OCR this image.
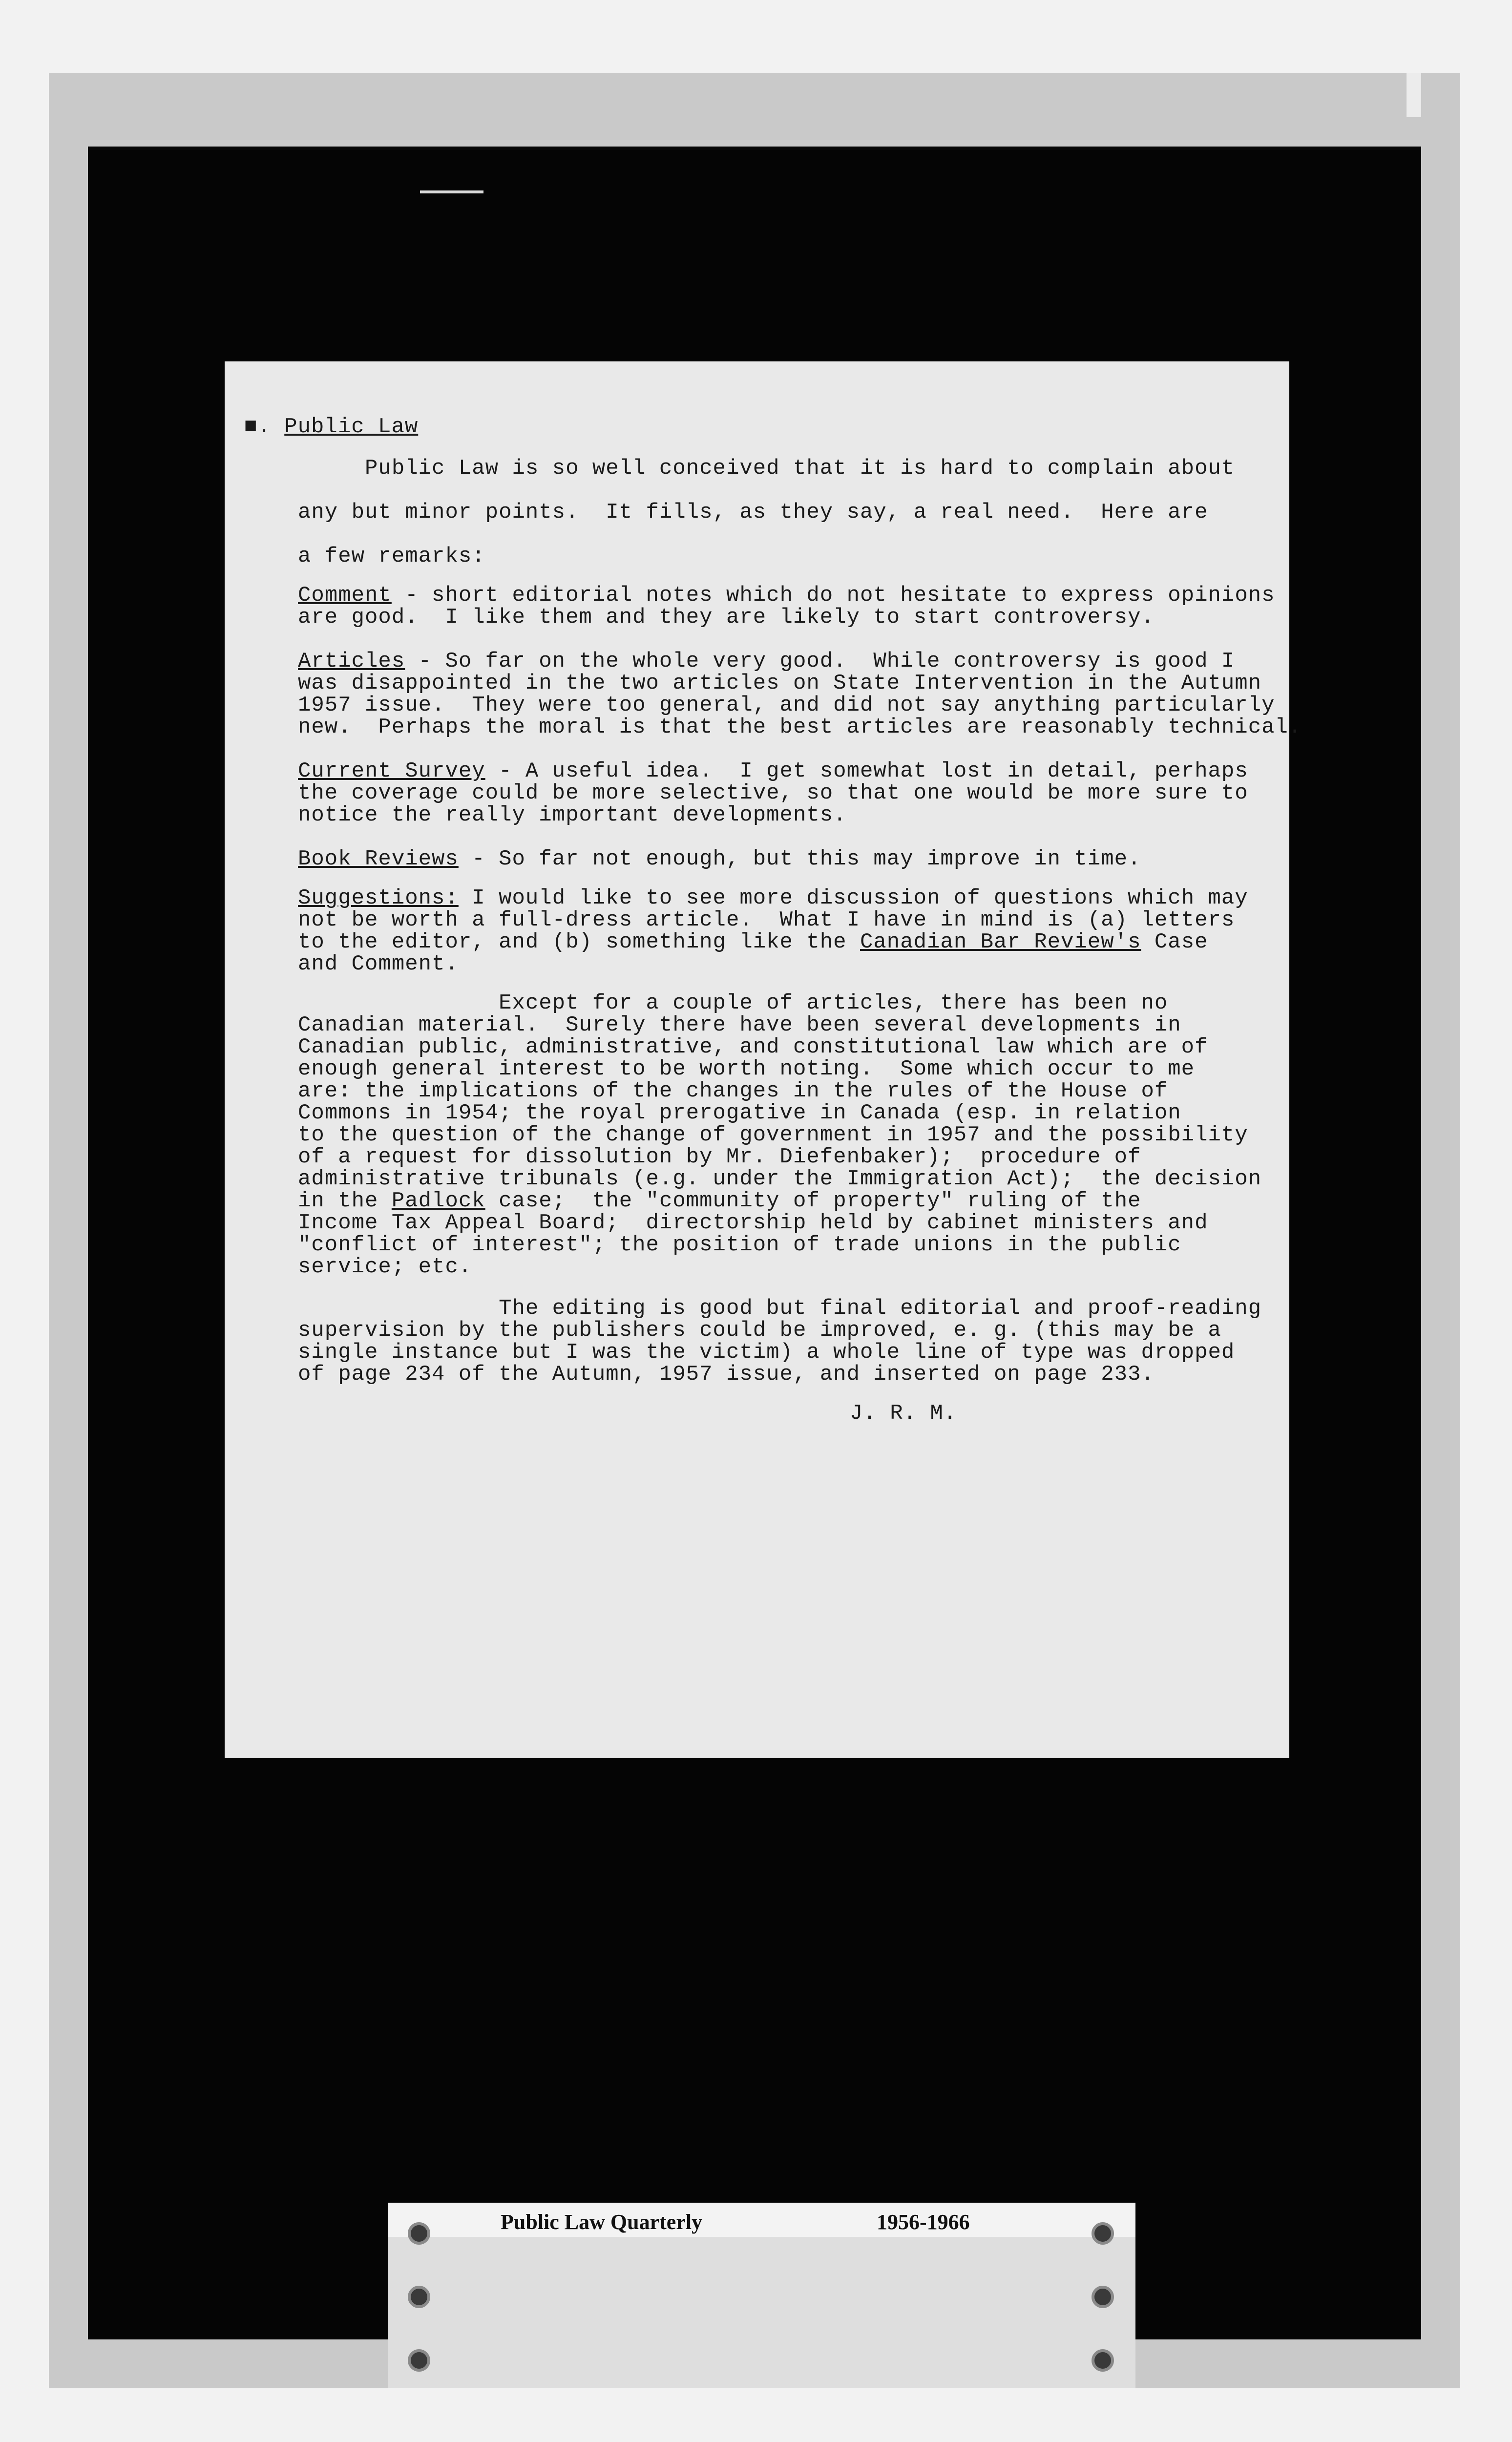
■. Public Law
Public Law is so well conceived that it is hard to complain about
any but minor points.  It fills, as they say, a real need.  Here are
a few remarks:
Comment - short editorial notes which do not hesitate to express opinions
are good.  I like them and they are likely to start controversy.
Articles - So far on the whole very good.  While controversy is good I
was disappointed in the two articles on State Intervention in the Autumn
1957 issue.  They were too general, and did not say anything particularly
new.  Perhaps the moral is that the best articles are reasonably technical.
Current Survey - A useful idea.  I get somewhat lost in detail, perhaps
the coverage could be more selective, so that one would be more sure to
notice the really important developments.
Book Reviews - So far not enough, but this may improve in time.
Suggestions: I would like to see more discussion of questions which may
not be worth a full-dress article.  What I have in mind is (a) letters
to the editor, and (b) something like the Canadian Bar Review's Case
and Comment.
Except for a couple of articles, there has been no
Canadian material.  Surely there have been several developments in
Canadian public, administrative, and constitutional law which are of
enough general interest to be worth noting.  Some which occur to me
are: the implications of the changes in the rules of the House of
Commons in 1954; the royal prerogative in Canada (esp. in relation
to the question of the change of government in 1957 and the possibility
of a request for dissolution by Mr. Diefenbaker);  procedure of
administrative tribunals (e.g. under the Immigration Act);  the decision
in the Padlock case;  the "community of property" ruling of the
Income Tax Appeal Board;  directorship held by cabinet ministers and
"conflict of interest"; the position of trade unions in the public
service; etc.
The editing is good but final editorial and proof-reading
supervision by the publishers could be improved, e. g. (this may be a
single instance but I was the victim) a whole line of type was dropped
of page 234 of the Autumn, 1957 issue, and inserted on page 233.
J. R. M.
Public Law Quarterly	1956-1966
